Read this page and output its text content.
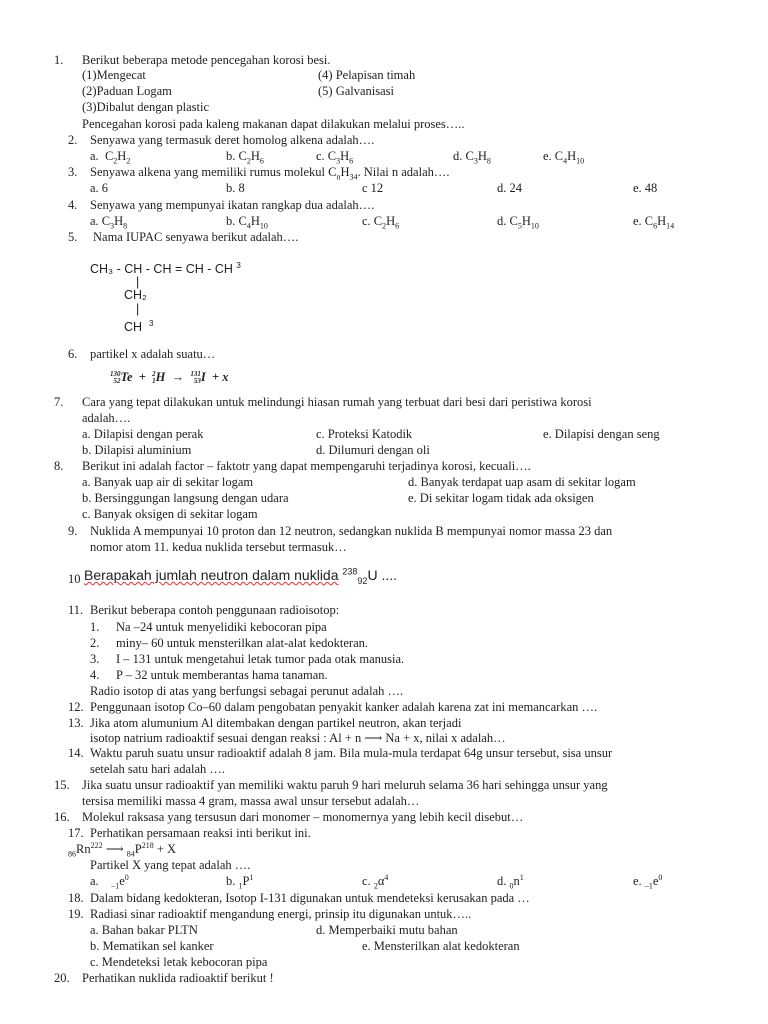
1. Berikut beberapa metode pencegahan korosi besi.
(1)Mengecat	(4) Pelapisan timah
(2)Paduan Logam	(5) Galvanisasi
(3)Dibalut dengan plastic
Pencegahan korosi pada kaleng makanan dapat dilakukan melalui proses…..
2. Senyawa yang termasuk deret homolog alkena adalah….
a. $C_2H_2$	b. $C_2H_6$	c. $C_3H_6$	d. $C_3H_8$	e. $C_4H_{10}$
3. Senyawa alkena yang memiliki rumus molekul $C_nH_{34}$. Nilai n adalah….
a. 6	b. 8	c 12	d. 24	e. 48
4. Senyawa yang mempunyai ikatan rangkap dua adalah….
a. $C_3H_8$	b. $C_4H_{10}$	c. $C_2H_6$	d. $C_5H_{10}$	e. $C_6H_{14}$
5. Nama IUPAC senyawa berikut adalah….
CH₃ - CH - CH = CH - CH $^3$
|
CH₂
|
CH $^3$
6. partikel x adalah suatu…
130
52Te + 2
1H → 131
53I + x
7. Cara yang tepat dilakukan untuk melindungi hiasan rumah yang terbuat dari besi dari peristiwa korosi
adalah….
a. Dilapisi dengan perak	c. Proteksi Katodik	e. Dilapisi dengan seng
b. Dilapisi aluminium	d. Dilumuri dengan oli
8. Berikut ini adalah factor – faktotr yang dapat mempengaruhi terjadinya korosi, kecuali….
a. Banyak uap air di sekitar logam	d. Banyak terdapat uap asam di sekitar logam
b. Bersinggungan langsung dengan udara	e. Di sekitar logam tidak ada oksigen
c. Banyak oksigen di sekitar logam
9. Nuklida A mempunyai 10 proton dan 12 neutron, sedangkan nuklida B mempunyai nomor massa 23 dan
nomor atom 11. kedua nuklida tersebut termasuk…
10 Berapakah jumlah neutron dalam nuklida $^{238}_{92}$U ....
11. Berikut beberapa contoh penggunaan radioisotop:
1. Na –24 untuk menyelidiki kebocoran pipa
2. miny– 60 untuk mensterilkan alat-alat kedokteran.
3. I – 131 untuk mengetahui letak tumor pada otak manusia.
4. P – 32 untuk memberantas hama tanaman.
Radio isotop di atas yang berfungsi sebagai perunut adalah ….
12. Penggunaan isotop Co–60 dalam pengobatan penyakit kanker adalah karena zat ini memancarkan ….
13. Jika atom alumunium Al ditembakan dengan partikel neutron, akan terjadi
isotop natrium radioaktif sesuai dengan reaksi : Al + n ⟶ Na + x, nilai x adalah…
14. Waktu paruh suatu unsur radioaktif adalah 8 jam. Bila mula-mula terdapat 64g unsur tersebut, sisa unsur
setelah satu hari adalah ….
15. Jika suatu unsur radioaktif yan memiliki waktu paruh 9 hari meluruh selama 36 hari sehingga unsur yang
tersisa memiliki massa 4 gram, massa awal unsur tersebut adalah…
16. Molekul raksasa yang tersusun dari monomer – monomernya yang lebih kecil disebut…
17. Perhatikan persamaan reaksi inti berikut ini.
$_{86}Rn^{222}$ ⟶ $_{84}P^{218} + X$
Partikel X yang tepat adalah ….
a. $_{-1}e^0$	b. $_1P^1$	c. $_2\alpha^4$	d. $_0n^1$	e. $_{-1}e^0$
18. Dalam bidang kedokteran, Isotop I-131 digunakan untuk mendeteksi kerusakan pada …
19. Radiasi sinar radioaktif mengandung energi, prinsip itu digunakan untuk…..
a. Bahan bakar PLTN	d. Memperbaiki mutu bahan
b. Mematikan sel kanker	e. Mensterilkan alat kedokteran
c. Mendeteksi letak kebocoran pipa
20. Perhatikan nuklida radioaktif berikut !
